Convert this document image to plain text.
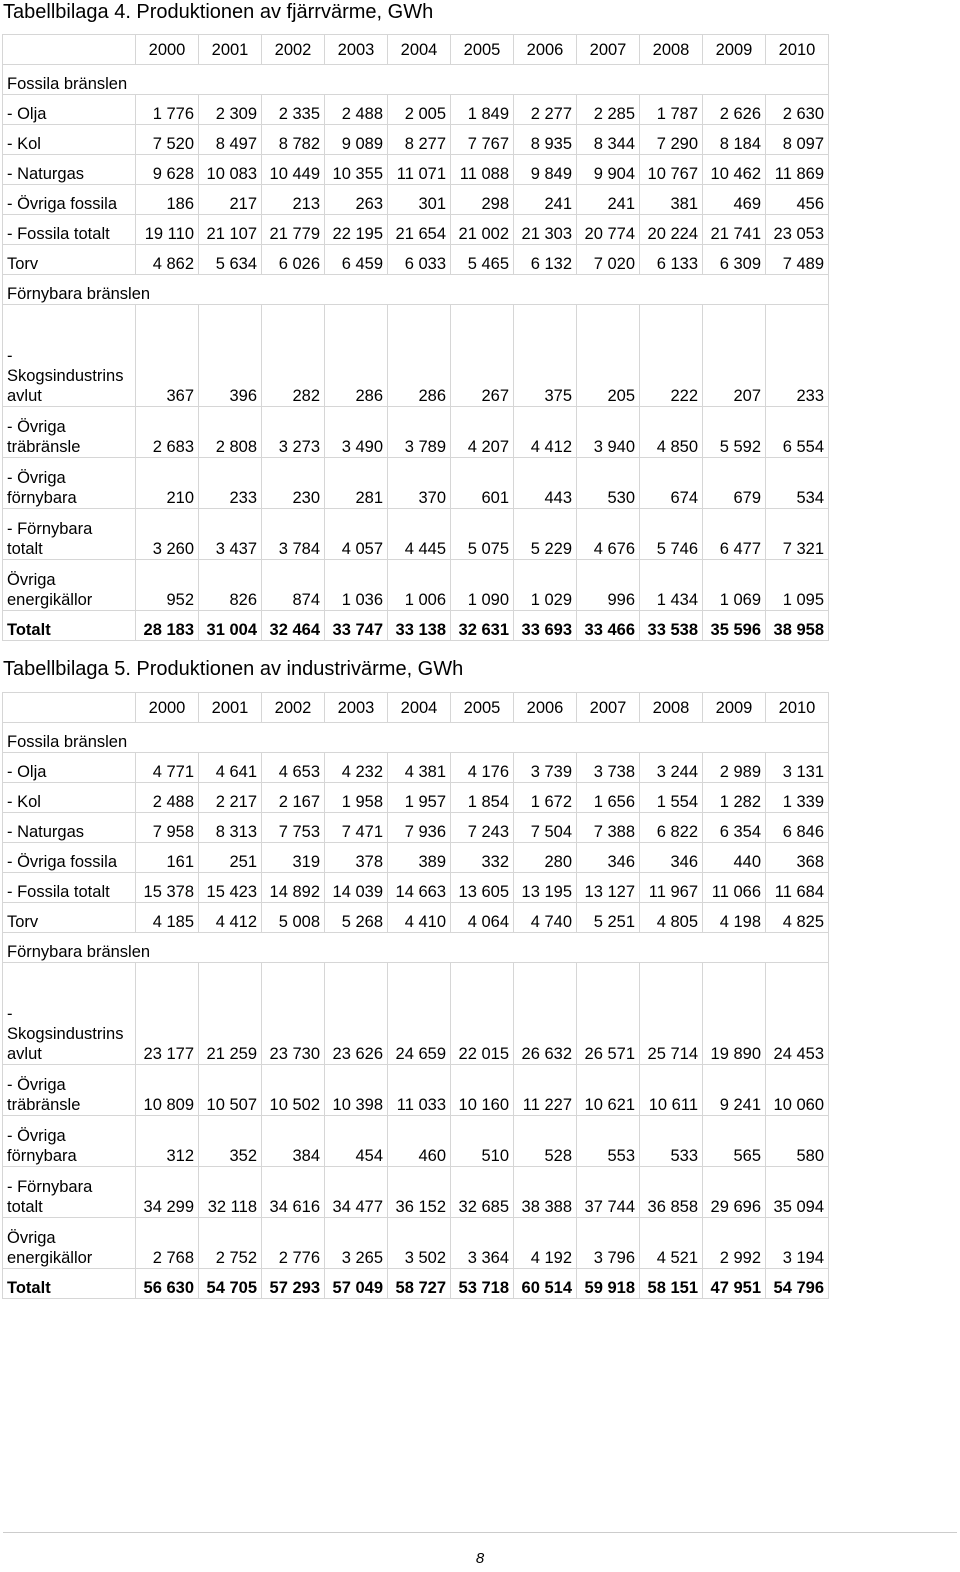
Tabellbilaga 4. Produktionen av fjärrvärme, GWh
	2000	2001	2002	2003	2004	2005	2006	2007	2008	2009	2010
Fossila bränslen											
- Olja	1 776	2 309	2 335	2 488	2 005	1 849	2 277	2 285	1 787	2 626	2 630
- Kol	7 520	8 497	8 782	9 089	8 277	7 767	8 935	8 344	7 290	8 184	8 097
- Naturgas	9 628	10 083	10 449	10 355	11 071	11 088	9 849	9 904	10 767	10 462	11 869
- Övriga fossila	186	217	213	263	301	298	241	241	381	469	456
- Fossila totalt	19 110	21 107	21 779	22 195	21 654	21 002	21 303	20 774	20 224	21 741	23 053
Torv	4 862	5 634	6 026	6 459	6 033	5 465	6 132	7 020	6 133	6 309	7 489
Förnybara bränslen											
- Skogsindustrins avlut	367	396	282	286	286	267	375	205	222	207	233
- Övriga träbränsle	2 683	2 808	3 273	3 490	3 789	4 207	4 412	3 940	4 850	5 592	6 554
- Övriga förnybara	210	233	230	281	370	601	443	530	674	679	534
- Förnybara totalt	3 260	3 437	3 784	4 057	4 445	5 075	5 229	4 676	5 746	6 477	7 321
Övriga energikällor	952	826	874	1 036	1 006	1 090	1 029	996	1 434	1 069	1 095
Totalt	28 183	31 004	32 464	33 747	33 138	32 631	33 693	33 466	33 538	35 596	38 958
Tabellbilaga 5. Produktionen av industrivärme, GWh
	2000	2001	2002	2003	2004	2005	2006	2007	2008	2009	2010
Fossila bränslen											
- Olja	4 771	4 641	4 653	4 232	4 381	4 176	3 739	3 738	3 244	2 989	3 131
- Kol	2 488	2 217	2 167	1 958	1 957	1 854	1 672	1 656	1 554	1 282	1 339
- Naturgas	7 958	8 313	7 753	7 471	7 936	7 243	7 504	7 388	6 822	6 354	6 846
- Övriga fossila	161	251	319	378	389	332	280	346	346	440	368
- Fossila totalt	15 378	15 423	14 892	14 039	14 663	13 605	13 195	13 127	11 967	11 066	11 684
Torv	4 185	4 412	5 008	5 268	4 410	4 064	4 740	5 251	4 805	4 198	4 825
Förnybara bränslen											
- Skogsindustrins avlut	23 177	21 259	23 730	23 626	24 659	22 015	26 632	26 571	25 714	19 890	24 453
- Övriga träbränsle	10 809	10 507	10 502	10 398	11 033	10 160	11 227	10 621	10 611	9 241	10 060
- Övriga förnybara	312	352	384	454	460	510	528	553	533	565	580
- Förnybara totalt	34 299	32 118	34 616	34 477	36 152	32 685	38 388	37 744	36 858	29 696	35 094
Övriga energikällor	2 768	2 752	2 776	3 265	3 502	3 364	4 192	3 796	4 521	2 992	3 194
Totalt	56 630	54 705	57 293	57 049	58 727	53 718	60 514	59 918	58 151	47 951	54 796
8
